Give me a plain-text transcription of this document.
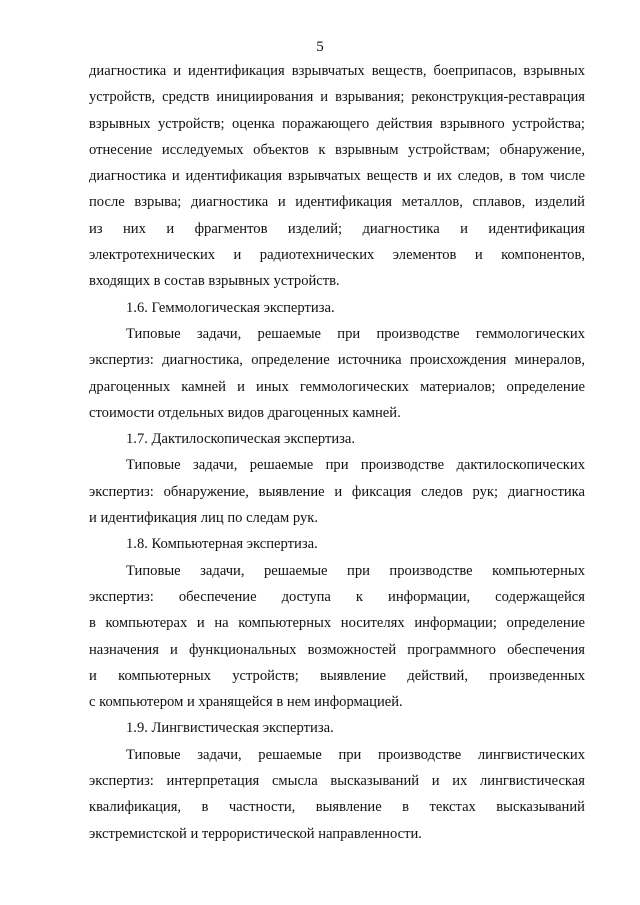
5
диагностика и идентификация взрывчатых веществ, боеприпасов, взрывных
устройств, средств инициирования и взрывания; реконструкция-реставрация
взрывных устройств; оценка поражающего действия взрывного устройства;
отнесение исследуемых объектов к взрывным устройствам; обнаружение,
диагностика и идентификация взрывчатых веществ и их следов, в том числе
после взрыва; диагностика и идентификация металлов, сплавов, изделий
из них и фрагментов изделий; диагностика и идентификация
электротехнических и радиотехнических элементов и компонентов,
входящих в состав взрывных устройств.
1.6. Геммологическая экспертиза.
Типовые задачи, решаемые при производстве геммологических
экспертиз: диагностика, определение источника происхождения минералов,
драгоценных камней и иных геммологических материалов; определение
стоимости отдельных видов драгоценных камней.
1.7. Дактилоскопическая экспертиза.
Типовые задачи, решаемые при производстве дактилоскопических
экспертиз: обнаружение, выявление и фиксация следов рук; диагностика
и идентификация лиц по следам рук.
1.8. Компьютерная экспертиза.
Типовые задачи, решаемые при производстве компьютерных
экспертиз: обеспечение доступа к информации, содержащейся
в компьютерах и на компьютерных носителях информации; определение
назначения и функциональных возможностей программного обеспечения
и компьютерных устройств; выявление действий, произведенных
с компьютером и хранящейся в нем информацией.
1.9. Лингвистическая экспертиза.
Типовые задачи, решаемые при производстве лингвистических
экспертиз: интерпретация смысла высказываний и их лингвистическая
квалификация, в частности, выявление в текстах высказываний
экстремистской и террористической направленности.
